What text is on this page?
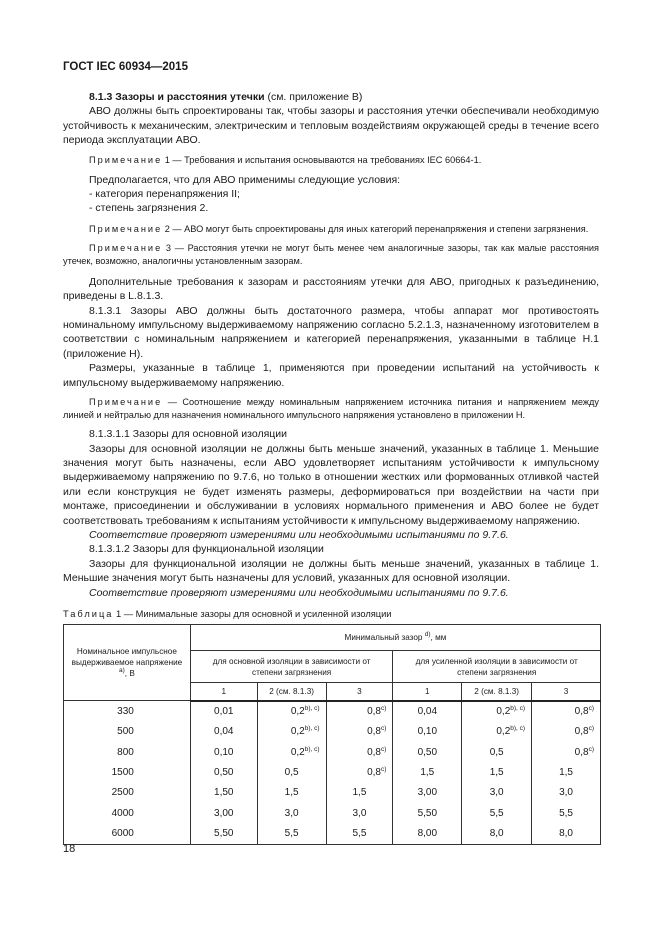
ГОСТ IEC 60934—2015

8.1.3 Зазоры и расстояния утечки (см. приложение В)

АВО должны быть спроектированы так, чтобы зазоры и расстояния утечки обеспечивали необходимую устойчивость к механическим, электрическим и тепловым воздействиям окружающей среды в течение всего периода эксплуатации АВО.

Примечание 1 — Требования и испытания основываются на требованиях IEC 60664-1.

Предполагается, что для АВО применимы следующие условия:

- категория перенапряжения II;

- степень загрязнения 2.

Примечание 2 — АВО могут быть спроектированы для иных категорий перенапряжения и степени загрязнения.

Примечание 3 — Расстояния утечки не могут быть менее чем аналогичные зазоры, так как малые расстояния утечек, возможно, аналогичны установленным зазорам.

Дополнительные требования к зазорам и расстояниям утечки для АВО, пригодных к разъединению, приведены в L.8.1.3.

8.1.3.1 Зазоры АВО должны быть достаточного размера, чтобы аппарат мог противостоять номинальному импульсному выдерживаемому напряжению согласно 5.2.1.3, назначенному изготовителем в соответствии с номинальным напряжением и категорией перенапряжения, указанными в таблице Н.1 (приложение Н).

Размеры, указанные в таблице 1, применяются при проведении испытаний на устойчивость к импульсному выдерживаемому напряжению.

Примечание — Соотношение между номинальным напряжением источника питания и напряжением между линией и нейтралью для назначения номинального импульсного напряжения установлено в приложении Н.

8.1.3.1.1 Зазоры для основной изоляции

Зазоры для основной изоляции не должны быть меньше значений, указанных в таблице 1. Меньшие значения могут быть назначены, если АВО удовлетворяет испытаниям устойчивости к импульсному выдерживаемому напряжению по 9.7.6, но только в отношении жестких или формованных отливкой частей или если конструкция не будет изменять размеры, деформироваться при воздействии на части при монтаже, присоединении и обслуживании в условиях нормального применения и АВО более не будет соответствовать требованиям к испытаниям устойчивости к импульсному выдерживаемому напряжению.

Соответствие проверяют измерениями или необходимыми испытаниями по 9.7.6.

8.1.3.1.2 Зазоры для функциональной изоляции

Зазоры для функциональной изоляции не должны быть меньше значений, указанных в таблице 1. Меньшие значения могут быть назначены для условий, указанных для основной изоляции.

Соответствие проверяют измерениями или необходимыми испытаниями по 9.7.6.

Таблица 1 — Минимальные зазоры для основной и усиленной изоляции
Номинальное импульсное выдерживаемое напряжение
$^{а)}$, В	Минимальный зазор $^{d)}$, мм					
	для основной изоляции в зависимости от степени загрязнения			для усиленной изоляции в зависимости от степени загрязнения		
	1	2 (см. 8.1.3)	3	1	2 (см. 8.1.3)	3
330	0,01	$0,2^{b), c)}$	0,8$^{c)}$	0,04	$0,2^{b), c)}$	0,8$^{c)}$
500	0,04	$0,2^{b), c)}$	0,8$^{c)}$	0,10	$0,2^{b), c)}$	0,8$^{c)}$
800	0,10	$0,2^{b), c)}$	0,8$^{c)}$	0,50	0,5	0,8$^{c)}$
1500	0,50	0,5	0,8$^{c)}$	1,5	1,5	1,5
2500	1,50	1,5	1,5	3,00	3,0	3,0
4000	3,00	3,0	3,0	5,50	5,5	5,5
6000	5,50	5,5	5,5	8,00	8,0	8,0
18
